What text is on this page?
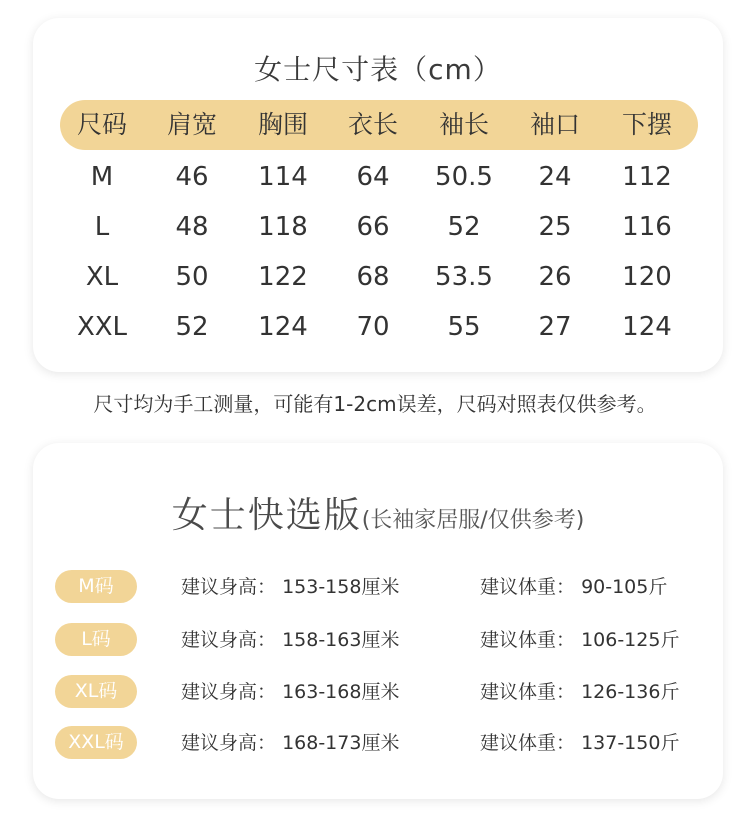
女士尺寸表（cm）
尺码	肩宽	胸围	衣长	袖长	袖口	下摆
M	46	114	64	50.5	24	112
L	48	118	66	52	25	116
XL	50	122	68	53.5	26	120
XXL	52	124	70	55	27	124
尺寸均为手工测量，可能有1-2cm误差，尺码对照表仅供参考。
女士快选版(长袖家居服/仅供参考)
M码	建议身高： 153-158厘米	建议体重： 90-105斤
L码	建议身高： 158-163厘米	建议体重： 106-125斤
XL码	建议身高： 163-168厘米	建议体重： 126-136斤
XXL码	建议身高： 168-173厘米	建议体重： 137-150斤
